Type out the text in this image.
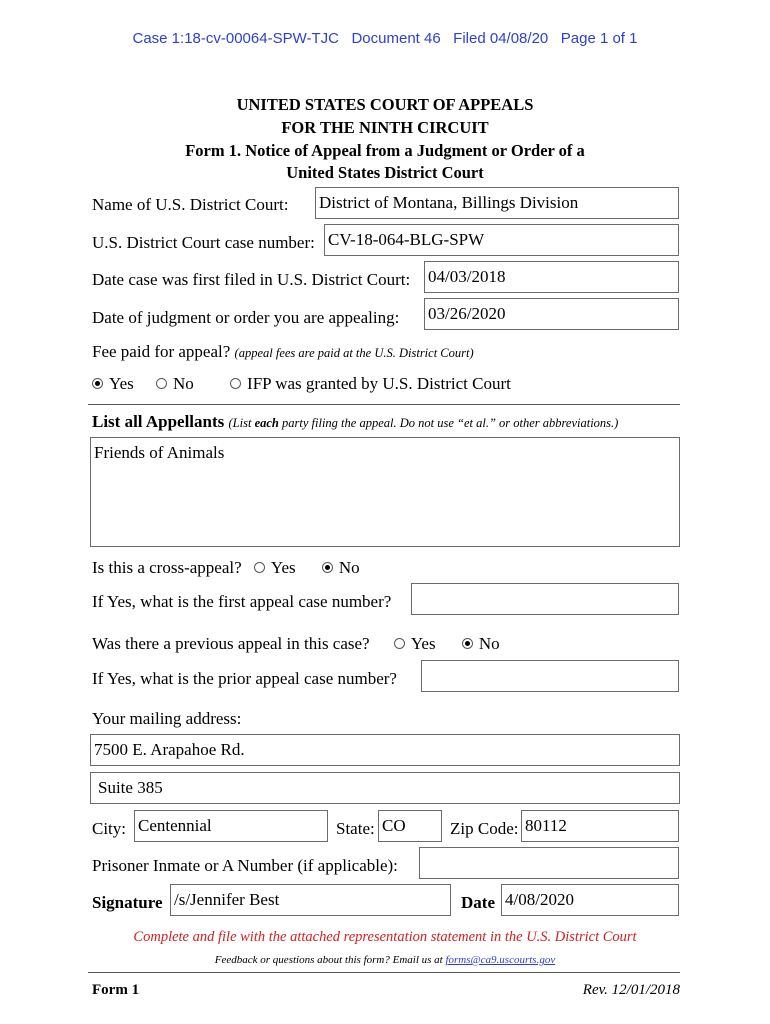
Case 1:18-cv-00064-SPW-TJC   Document 46   Filed 04/08/20   Page 1 of 1
UNITED STATES COURT OF APPEALS
FOR THE NINTH CIRCUIT
Form 1. Notice of Appeal from a Judgment or Order of a
United States District Court
Name of U.S. District Court: District of Montana, Billings Division
U.S. District Court case number: CV-18-064-BLG-SPW
Date case was first filed in U.S. District Court: 04/03/2018
Date of judgment or order you are appealing: 03/26/2020
Fee paid for appeal? (appeal fees are paid at the U.S. District Court)
Yes No	IFP was granted by U.S. District Court
List all Appellants (List each party filing the appeal. Do not use “et al.” or other abbreviations.)
Friends of Animals
Is this a cross-appeal? Yes	No
If Yes, what is the first appeal case number?
Was there a previous appeal in this case? Yes	No
If Yes, what is the prior appeal case number?
Your mailing address:
7500 E. Arapahoe Rd.
Suite 385
City: Centennial	State: CO	Zip Code: 80112
Prisoner Inmate or A Number (if applicable):
Signature /s/Jennifer Best	Date 4/08/2020
Complete and file with the attached representation statement in the U.S. District Court
Feedback or questions about this form? Email us at forms@ca9.uscourts.gov
Form 1	Rev. 12/01/2018
